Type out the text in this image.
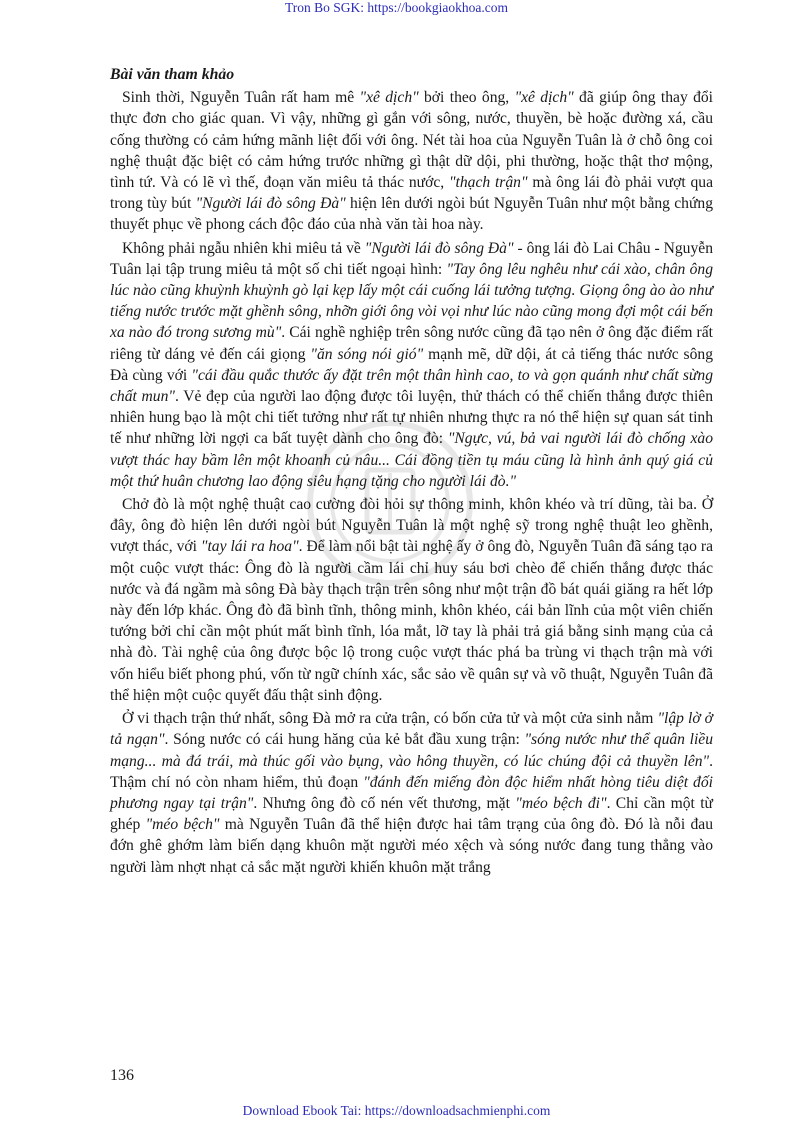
Tron Bo SGK: https://bookgiaokhoa.com
Bài văn tham khảo

Sinh thời, Nguyễn Tuân rất ham mê "xê dịch" bởi theo ông, "xê dịch" đã giúp ông thay đổi thực đơn cho giác quan. Vì vậy, những gì gắn với sông, nước, thuyền, bè hoặc đường xá, cầu cống thường có cảm hứng mãnh liệt đối với ông. Nét tài hoa của Nguyễn Tuân là ở chỗ ông coi nghệ thuật đặc biệt có cảm hứng trước những gì thật dữ dội, phi thường, hoặc thật thơ mộng, tình tứ. Và có lẽ vì thế, đoạn văn miêu tả thác nước, "thạch trận" mà ông lái đò phải vượt qua trong tùy bút "Người lái đò sông Đà" hiện lên dưới ngòi bút Nguyễn Tuân như một bằng chứng thuyết phục về phong cách độc đáo của nhà văn tài hoa này.

Không phải ngẫu nhiên khi miêu tả về "Người lái đò sông Đà" - ông lái đò Lai Châu - Nguyễn Tuân lại tập trung miêu tả một số chi tiết ngoại hình: "Tay ông lêu nghêu như cái xào, chân ông lúc nào cũng khuỳnh khuỳnh gò lại kẹp lấy một cái cuống lái tưởng tượng. Giọng ông ào ào như tiếng nước trước mặt ghềnh sông, nhỡn giới ông vòi vọi như lúc nào cũng mong đợi một cái bến xa nào đó trong sương mù". Cái nghề nghiệp trên sông nước cũng đã tạo nên ở ông đặc điểm rất riêng từ dáng vẻ đến cái giọng "ăn sóng nói gió" mạnh mẽ, dữ dội, át cả tiếng thác nước sông Đà cùng với "cái đầu quắc thước ấy đặt trên một thân hình cao, to và gọn quánh như chất sừng chất mun". Vẻ đẹp của người lao động được tôi luyện, thử thách có thể chiến thắng được thiên nhiên hung bạo là một chi tiết tưởng như rất tự nhiên nhưng thực ra nó thể hiện sự quan sát tinh tế như những lời ngợi ca bất tuyệt dành cho ông đò: "Ngực, vú, bả vai người lái đò chống xào vượt thác hay bầm lên một khoanh củ nâu... Cái đồng tiền tụ máu cũng là hình ảnh quý giá củ một thứ huân chương lao động siêu hạng tặng cho người lái đò."

Chở đò là một nghệ thuật cao cường đòi hỏi sự thông minh, khôn khéo và trí dũng, tài ba. Ở đây, ông đò hiện lên dưới ngòi bút Nguyễn Tuân là một nghệ sỹ trong nghệ thuật leo ghềnh, vượt thác, với "tay lái ra hoa". Để làm nổi bật tài nghệ ấy ở ông đò, Nguyễn Tuân đã sáng tạo ra một cuộc vượt thác: Ông đò là người cầm lái chỉ huy sáu bơi chèo để chiến thắng được thác nước và đá ngầm mà sông Đà bày thạch trận trên sông như một trận đồ bát quái giăng ra hết lớp này đến lớp khác. Ông đò đã bình tĩnh, thông minh, khôn khéo, cái bản lĩnh của một viên chiến tướng bởi chỉ cần một phút mất bình tĩnh, lóa mắt, lỡ tay là phải trả giá bằng sinh mạng của cả nhà đò. Tài nghệ của ông được bộc lộ trong cuộc vượt thác phá ba trùng vi thạch trận mà với vốn hiểu biết phong phú, vốn từ ngữ chính xác, sắc sảo về quân sự và võ thuật, Nguyễn Tuân đã thể hiện một cuộc quyết đấu thật sinh động.

Ở vi thạch trận thứ nhất, sông Đà mở ra cửa trận, có bốn cửa tử và một cửa sinh nằm "lập lờ ở tả ngạn". Sóng nước có cái hung hăng của kẻ bắt đầu xung trận: "sóng nước như thể quân liều mạng... mà đá trái, mà thúc gối vào bụng, vào hông thuyền, có lúc chúng đội cả thuyền lên". Thậm chí nó còn nham hiểm, thủ đoạn "đánh đến miếng đòn độc hiểm nhất hòng tiêu diệt đối phương ngay tại trận". Nhưng ông đò cố nén vết thương, mặt "méo bệch đi". Chỉ cần một từ ghép "méo bệch" mà Nguyễn Tuân đã thể hiện được hai tâm trạng của ông đò. Đó là nỗi đau đớn ghê ghớm làm biến dạng khuôn mặt người méo xệch và sóng nước đang tung thẳng vào người làm nhợt nhạt cả sắc mặt người khiến khuôn mặt trắng

136
Download Ebook Tai: https://downloadsachmienphi.com
